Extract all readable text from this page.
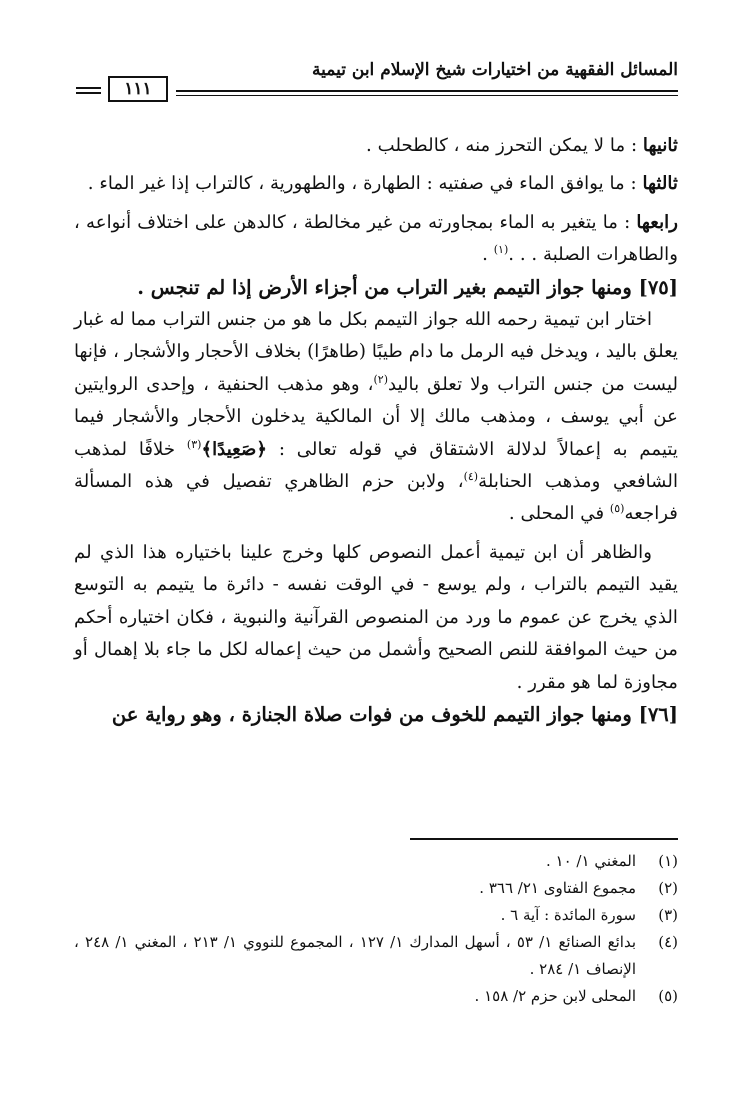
المسائل الفقهية من اختيارات شيخ الإسلام ابن تيمية
١١١

ثانيها : ما لا يمكن التحرز منه ، كالطحلب .

ثالثها : ما يوافق الماء في صفتيه : الطهارة ، والطهورية ، كالتراب إذا غير الماء .

رابعها : ما يتغير به الماء بمجاورته من غير مخالطة ، كالدهن على اختلاف أنواعه ، والطاهرات الصلبة . . .$^{(١)}$ .

[٧٥] ومنها جواز التيمم بغير التراب من أجزاء الأرض إذا لم تنجس .

اختار ابن تيمية رحمه الله جواز التيمم بكل ما هو من جنس التراب مما له غبار يعلق باليد ، ويدخل فيه الرمل ما دام طيبًا (طاهرًا) بخلاف الأحجار والأشجار ، فإنها ليست من جنس التراب ولا تعلق باليد$^{(٢)}$، وهو مذهب الحنفية ، وإحدى الروايتين عن أبي يوسف ، ومذهب مالك إلا أن المالكية يدخلون الأحجار والأشجار فيما يتيمم به إعمالاً لدلالة الاشتقاق في قوله تعالى : ﴿صَعِيدًا﴾$^{(٣)}$ خلافًا لمذهب الشافعي ومذهب الحنابلة$^{(٤)}$، ولابن حزم الظاهري تفصيل في هذه المسألة فراجعه$^{(٥)}$ في المحلى .

والظاهر أن ابن تيمية أعمل النصوص كلها وخرج علينا باختياره هذا الذي لم يقيد التيمم بالتراب ، ولم يوسع - في الوقت نفسه - دائرة ما يتيمم به التوسع الذي يخرج عن عموم ما ورد من المنصوص القرآنية والنبوية ، فكان اختياره أحكم من حيث الموافقة للنص الصحيح وأشمل من حيث إعماله لكل ما جاء بلا إهمال أو مجاوزة لما هو مقرر .

[٧٦] ومنها جواز التيمم للخوف من فوات صلاة الجنازة ، وهو رواية عن

(١)
المغني ١/ ١٠ .
(٢)
مجموع الفتاوى ٢١/ ٣٦٦ .
(٣)
سورة المائدة : آية ٦ .
(٤)
بدائع الصنائع ١/ ٥٣ ، أسهل المدارك ١/ ١٢٧ ، المجموع للنووي ١/ ٢١٣ ، المغني ١/ ٢٤٨ ، الإنصاف ١/ ٢٨٤ .
(٥)
المحلى لابن حزم ٢/ ١٥٨ .
